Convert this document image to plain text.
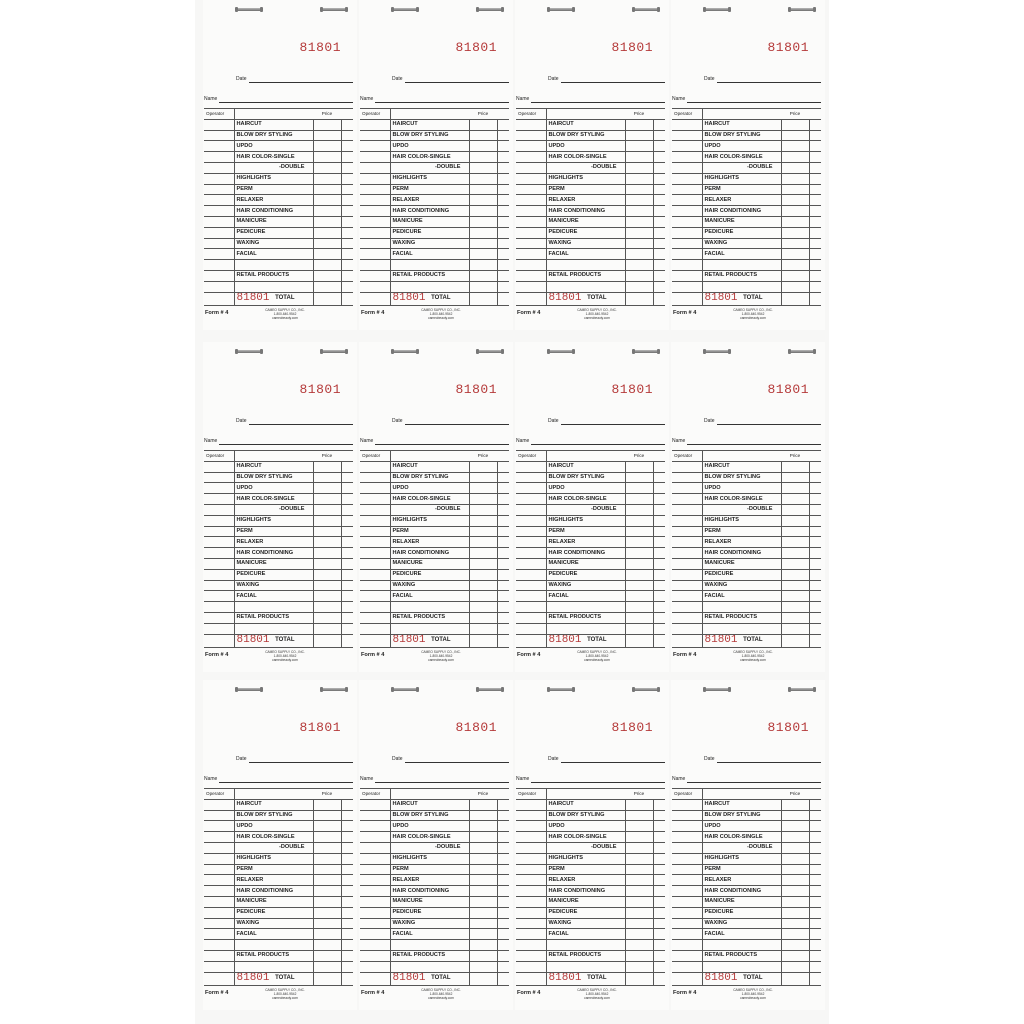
81801
Date
Name
Operator		Price	
	HAIRCUT		
	BLOW DRY STYLING		
	UPDO		
	HAIR COLOR-SINGLE		
	-DOUBLE		
	HIGHLIGHTS		
	PERM		
	RELAXER		
	HAIR CONDITIONING		
	MANICURE		
	PEDICURE		
	WAXING		
	FACIAL		

	RETAIL PRODUCTS		

	81801 TOTAL		
Form # 4	CAMEO SUPPLY CO., INC.
1-800-640-9542
cameobeauty.com
81801
Date
Name
Operator		Price	
	HAIRCUT		
	BLOW DRY STYLING		
	UPDO		
	HAIR COLOR-SINGLE		
	-DOUBLE		
	HIGHLIGHTS		
	PERM		
	RELAXER		
	HAIR CONDITIONING		
	MANICURE		
	PEDICURE		
	WAXING		
	FACIAL		

	RETAIL PRODUCTS		

	81801 TOTAL		
Form # 4	CAMEO SUPPLY CO., INC.
1-800-640-9542
cameobeauty.com
81801
Date
Name
Operator		Price	
	HAIRCUT		
	BLOW DRY STYLING		
	UPDO		
	HAIR COLOR-SINGLE		
	-DOUBLE		
	HIGHLIGHTS		
	PERM		
	RELAXER		
	HAIR CONDITIONING		
	MANICURE		
	PEDICURE		
	WAXING		
	FACIAL		

	RETAIL PRODUCTS		

	81801 TOTAL		
Form # 4	CAMEO SUPPLY CO., INC.
1-800-640-9542
cameobeauty.com
81801
Date
Name
Operator		Price	
	HAIRCUT		
	BLOW DRY STYLING		
	UPDO		
	HAIR COLOR-SINGLE		
	-DOUBLE		
	HIGHLIGHTS		
	PERM		
	RELAXER		
	HAIR CONDITIONING		
	MANICURE		
	PEDICURE		
	WAXING		
	FACIAL		

	RETAIL PRODUCTS		

	81801 TOTAL		
Form # 4	CAMEO SUPPLY CO., INC.
1-800-640-9542
cameobeauty.com
81801
Date
Name
Operator		Price	
	HAIRCUT		
	BLOW DRY STYLING		
	UPDO		
	HAIR COLOR-SINGLE		
	-DOUBLE		
	HIGHLIGHTS		
	PERM		
	RELAXER		
	HAIR CONDITIONING		
	MANICURE		
	PEDICURE		
	WAXING		
	FACIAL		

	RETAIL PRODUCTS		

	81801 TOTAL		
Form # 4	CAMEO SUPPLY CO., INC.
1-800-640-9542
cameobeauty.com
81801
Date
Name
Operator		Price	
	HAIRCUT		
	BLOW DRY STYLING		
	UPDO		
	HAIR COLOR-SINGLE		
	-DOUBLE		
	HIGHLIGHTS		
	PERM		
	RELAXER		
	HAIR CONDITIONING		
	MANICURE		
	PEDICURE		
	WAXING		
	FACIAL		

	RETAIL PRODUCTS		

	81801 TOTAL		
Form # 4	CAMEO SUPPLY CO., INC.
1-800-640-9542
cameobeauty.com
81801
Date
Name
Operator		Price	
	HAIRCUT		
	BLOW DRY STYLING		
	UPDO		
	HAIR COLOR-SINGLE		
	-DOUBLE		
	HIGHLIGHTS		
	PERM		
	RELAXER		
	HAIR CONDITIONING		
	MANICURE		
	PEDICURE		
	WAXING		
	FACIAL		

	RETAIL PRODUCTS		

	81801 TOTAL		
Form # 4	CAMEO SUPPLY CO., INC.
1-800-640-9542
cameobeauty.com
81801
Date
Name
Operator		Price	
	HAIRCUT		
	BLOW DRY STYLING		
	UPDO		
	HAIR COLOR-SINGLE		
	-DOUBLE		
	HIGHLIGHTS		
	PERM		
	RELAXER		
	HAIR CONDITIONING		
	MANICURE		
	PEDICURE		
	WAXING		
	FACIAL		

	RETAIL PRODUCTS		

	81801 TOTAL		
Form # 4	CAMEO SUPPLY CO., INC.
1-800-640-9542
cameobeauty.com
81801
Date
Name
Operator		Price	
	HAIRCUT		
	BLOW DRY STYLING		
	UPDO		
	HAIR COLOR-SINGLE		
	-DOUBLE		
	HIGHLIGHTS		
	PERM		
	RELAXER		
	HAIR CONDITIONING		
	MANICURE		
	PEDICURE		
	WAXING		
	FACIAL		

	RETAIL PRODUCTS		

	81801 TOTAL		
Form # 4	CAMEO SUPPLY CO., INC.
1-800-640-9542
cameobeauty.com
81801
Date
Name
Operator		Price	
	HAIRCUT		
	BLOW DRY STYLING		
	UPDO		
	HAIR COLOR-SINGLE		
	-DOUBLE		
	HIGHLIGHTS		
	PERM		
	RELAXER		
	HAIR CONDITIONING		
	MANICURE		
	PEDICURE		
	WAXING		
	FACIAL		

	RETAIL PRODUCTS		

	81801 TOTAL		
Form # 4	CAMEO SUPPLY CO., INC.
1-800-640-9542
cameobeauty.com
81801
Date
Name
Operator		Price	
	HAIRCUT		
	BLOW DRY STYLING		
	UPDO		
	HAIR COLOR-SINGLE		
	-DOUBLE		
	HIGHLIGHTS		
	PERM		
	RELAXER		
	HAIR CONDITIONING		
	MANICURE		
	PEDICURE		
	WAXING		
	FACIAL		

	RETAIL PRODUCTS		

	81801 TOTAL		
Form # 4	CAMEO SUPPLY CO., INC.
1-800-640-9542
cameobeauty.com
81801
Date
Name
Operator		Price	
	HAIRCUT		
	BLOW DRY STYLING		
	UPDO		
	HAIR COLOR-SINGLE		
	-DOUBLE		
	HIGHLIGHTS		
	PERM		
	RELAXER		
	HAIR CONDITIONING		
	MANICURE		
	PEDICURE		
	WAXING		
	FACIAL		

	RETAIL PRODUCTS		

	81801 TOTAL		
Form # 4	CAMEO SUPPLY CO., INC.
1-800-640-9542
cameobeauty.com
